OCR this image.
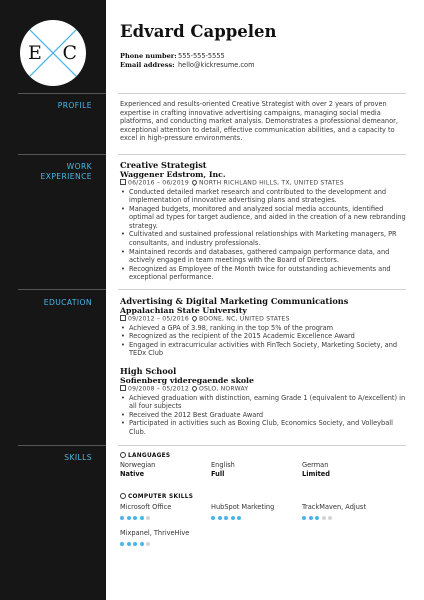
E C
PROFILE
WORK
EXPERIENCE
EDUCATION
SKILLS
Edvard Cappelen
Phone number:555-555-5555
Email address: hello@kickresume.com
Experienced and results-oriented Creative Strategist with over 2 years of proven expertise in crafting innovative advertising campaigns, managing social media platforms, and conducting market analysis. Demonstrates a professional demeanor, exceptional attention to detail, effective communication abilities, and a capacity to excel in high-pressure environments.
Creative Strategist
Waggener Edstrom, Inc.
06/2016 – 06/2019 NORTH RICHLAND HILLS, TX, UNITED STATES
• Conducted detailed market research and contributed to the development and implementation of innovative advertising plans and strategies.
• Managed budgets, monitored and analyzed social media accounts, identified optimal ad types for target audience, and aided in the creation of a new rebranding strategy.
• Cultivated and sustained professional relationships with Marketing managers, PR consultants, and industry professionals.
• Maintained records and databases, gathered campaign performance data, and actively engaged in team meetings with the Board of Directors.
• Recognized as Employee of the Month twice for outstanding achievements and exceptional performance.
Advertising & Digital Marketing Communications
Appalachian State University
09/2012 – 05/2016 BOONE, NC, UNITED STATES
• Achieved a GPA of 3.98, ranking in the top 5% of the program
• Recognized as the recipient of the 2015 Academic Excellence Award
• Engaged in extracurricular activities with FinTech Society, Marketing Society, and TEDx Club
High School
Sofienberg videregaende skole
09/2008 – 05/2012 OSLO, NORWAY
• Achieved graduation with distinction, earning Grade 1 (equivalent to A/excellent) in all four subjects
• Received the 2012 Best Graduate Award
• Participated in activities such as Boxing Club, Economics Society, and Volleyball Club.
LANGUAGES
Norwegian
Native
English
Full
German
Limited
COMPUTER SKILLS
Microsoft Office	HubSpot Marketing	TrackMaven, Adjust
Mixpanel, ThriveHive
